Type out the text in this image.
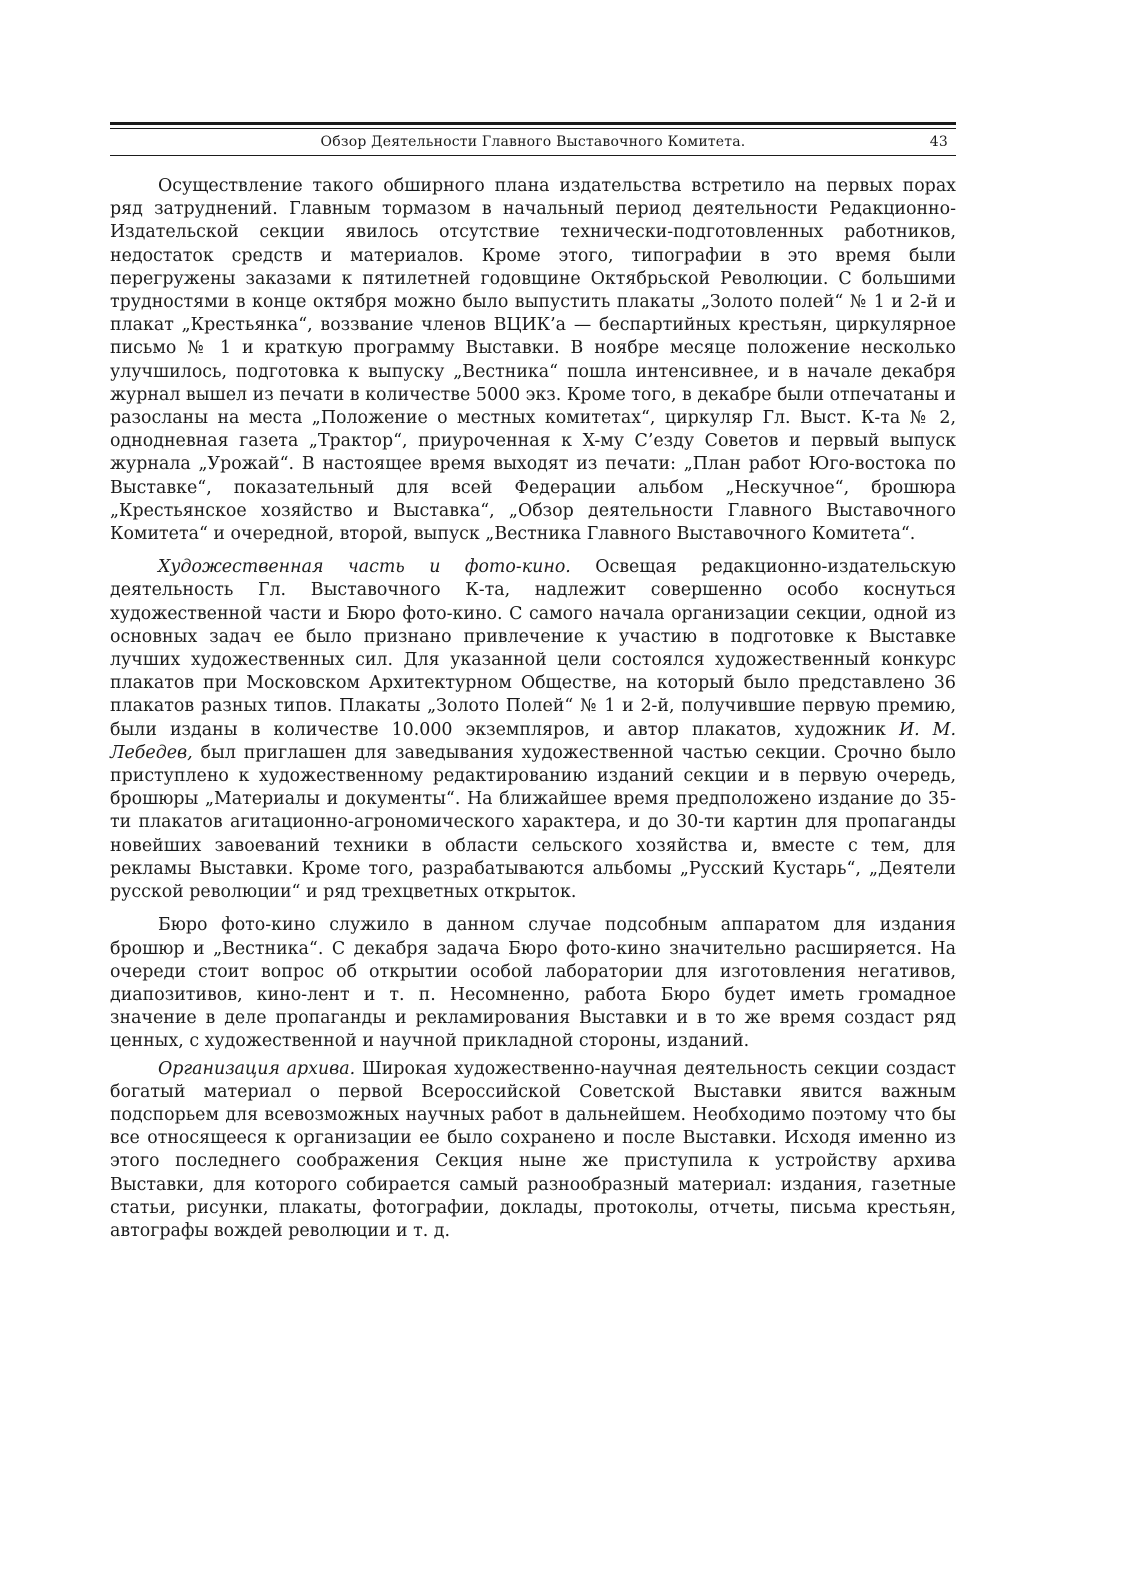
Обзор Деятельности Главного Выставочного Комитета.	43

Осуществление такого обширного плана издательства встретило на первых порах ряд затруднений. Главным тормазом в начальный период деятельности Редакционно-Издательской секции явилось отсутствие технически-подготовленных работников, недостаток средств и материалов. Кроме этого, типографии в это время были перегружены заказами к пятилетней годовщине Октябрьской Революции. С большими трудностями в конце октября можно было выпустить плакаты „Золото полей“ № 1 и 2-й и плакат „Крестьянка“, воззвание членов ВЦИК’а — беспартийных крестьян, циркулярное письмо № 1 и краткую программу Выставки. В ноябре месяце положение несколько улучшилось, подготовка к выпуску „Вестника“ пошла интенсивнее, и в начале декабря журнал вышел из печати в количестве 5000 экз. Кроме того, в декабре были отпечатаны и разосланы на места „Положение о местных комитетах“, циркуляр Гл. Выст. К-та № 2, однодневная газета „Трактор“, приуроченная к X-му С’езду Советов и первый выпуск журнала „Урожай“. В настоящее время выходят из печати: „План работ Юго-востока по Выставке“, показательный для всей Федерации альбом „Нескучное“, брошюра „Крестьянское хозяйство и Выставка“, „Обзор деятельности Главного Выставочного Комитета“ и очередной, второй, выпуск „Вестника Главного Выставочного Комитета“.

Художественная часть и фото-кино. Освещая редакционно-издательскую деятельность Гл. Выставочного К-та, надлежит совершенно особо коснуться художественной части и Бюро фото-кино. С самого начала организации секции, одной из основных задач ее было признано привлечение к участию в подготовке к Выставке лучших художественных сил. Для указанной цели состоялся художественный конкурс плакатов при Московском Архитектурном Обществе, на который было представлено 36 плакатов разных типов. Плакаты „Золото Полей“ № 1 и 2-й, получившие первую премию, были изданы в количестве 10.000 экземпляров, и автор плакатов, художник И. М. Лебедев, был приглашен для заведывания художественной частью секции. Срочно было приступлено к художественному редактированию изданий секции и в первую очередь, брошюры „Материалы и документы“. На ближайшее время предположено издание до 35-ти плакатов агитационно-агрономического характера, и до 30-ти картин для пропаганды новейших завоеваний техники в области сельского хозяйства и, вместе с тем, для рекламы Выставки. Кроме того, разрабатываются альбомы „Русский Кустарь“, „Деятели русской революции“ и ряд трехцветных открыток.

Бюро фото-кино служило в данном случае подсобным аппаратом для издания брошюр и „Вестника“. С декабря задача Бюро фото-кино значительно расширяется. На очереди стоит вопрос об открытии особой лаборатории для изготовления негативов, диапозитивов, кино-лент и т. п. Несомненно, работа Бюро будет иметь громадное значение в деле пропаганды и рекламирования Выставки и в то же время создаст ряд ценных, с художественной и научной прикладной стороны, изданий.

Организация архива. Широкая художественно-научная деятельность секции создаст богатый материал о первой Всероссийской Советской Выставки явится важным подспорьем для всевозможных научных работ в дальнейшем. Необходимо поэтому что бы все относящееся к организации ее было сохранено и после Выставки. Исходя именно из этого последнего соображения Секция ныне же приступила к устройству архива Выставки, для которого собирается самый разнообразный материал: издания, газетные статьи, рисунки, плакаты, фотографии, доклады, протоколы, отчеты, письма крестьян, автографы вождей революции и т. д.
